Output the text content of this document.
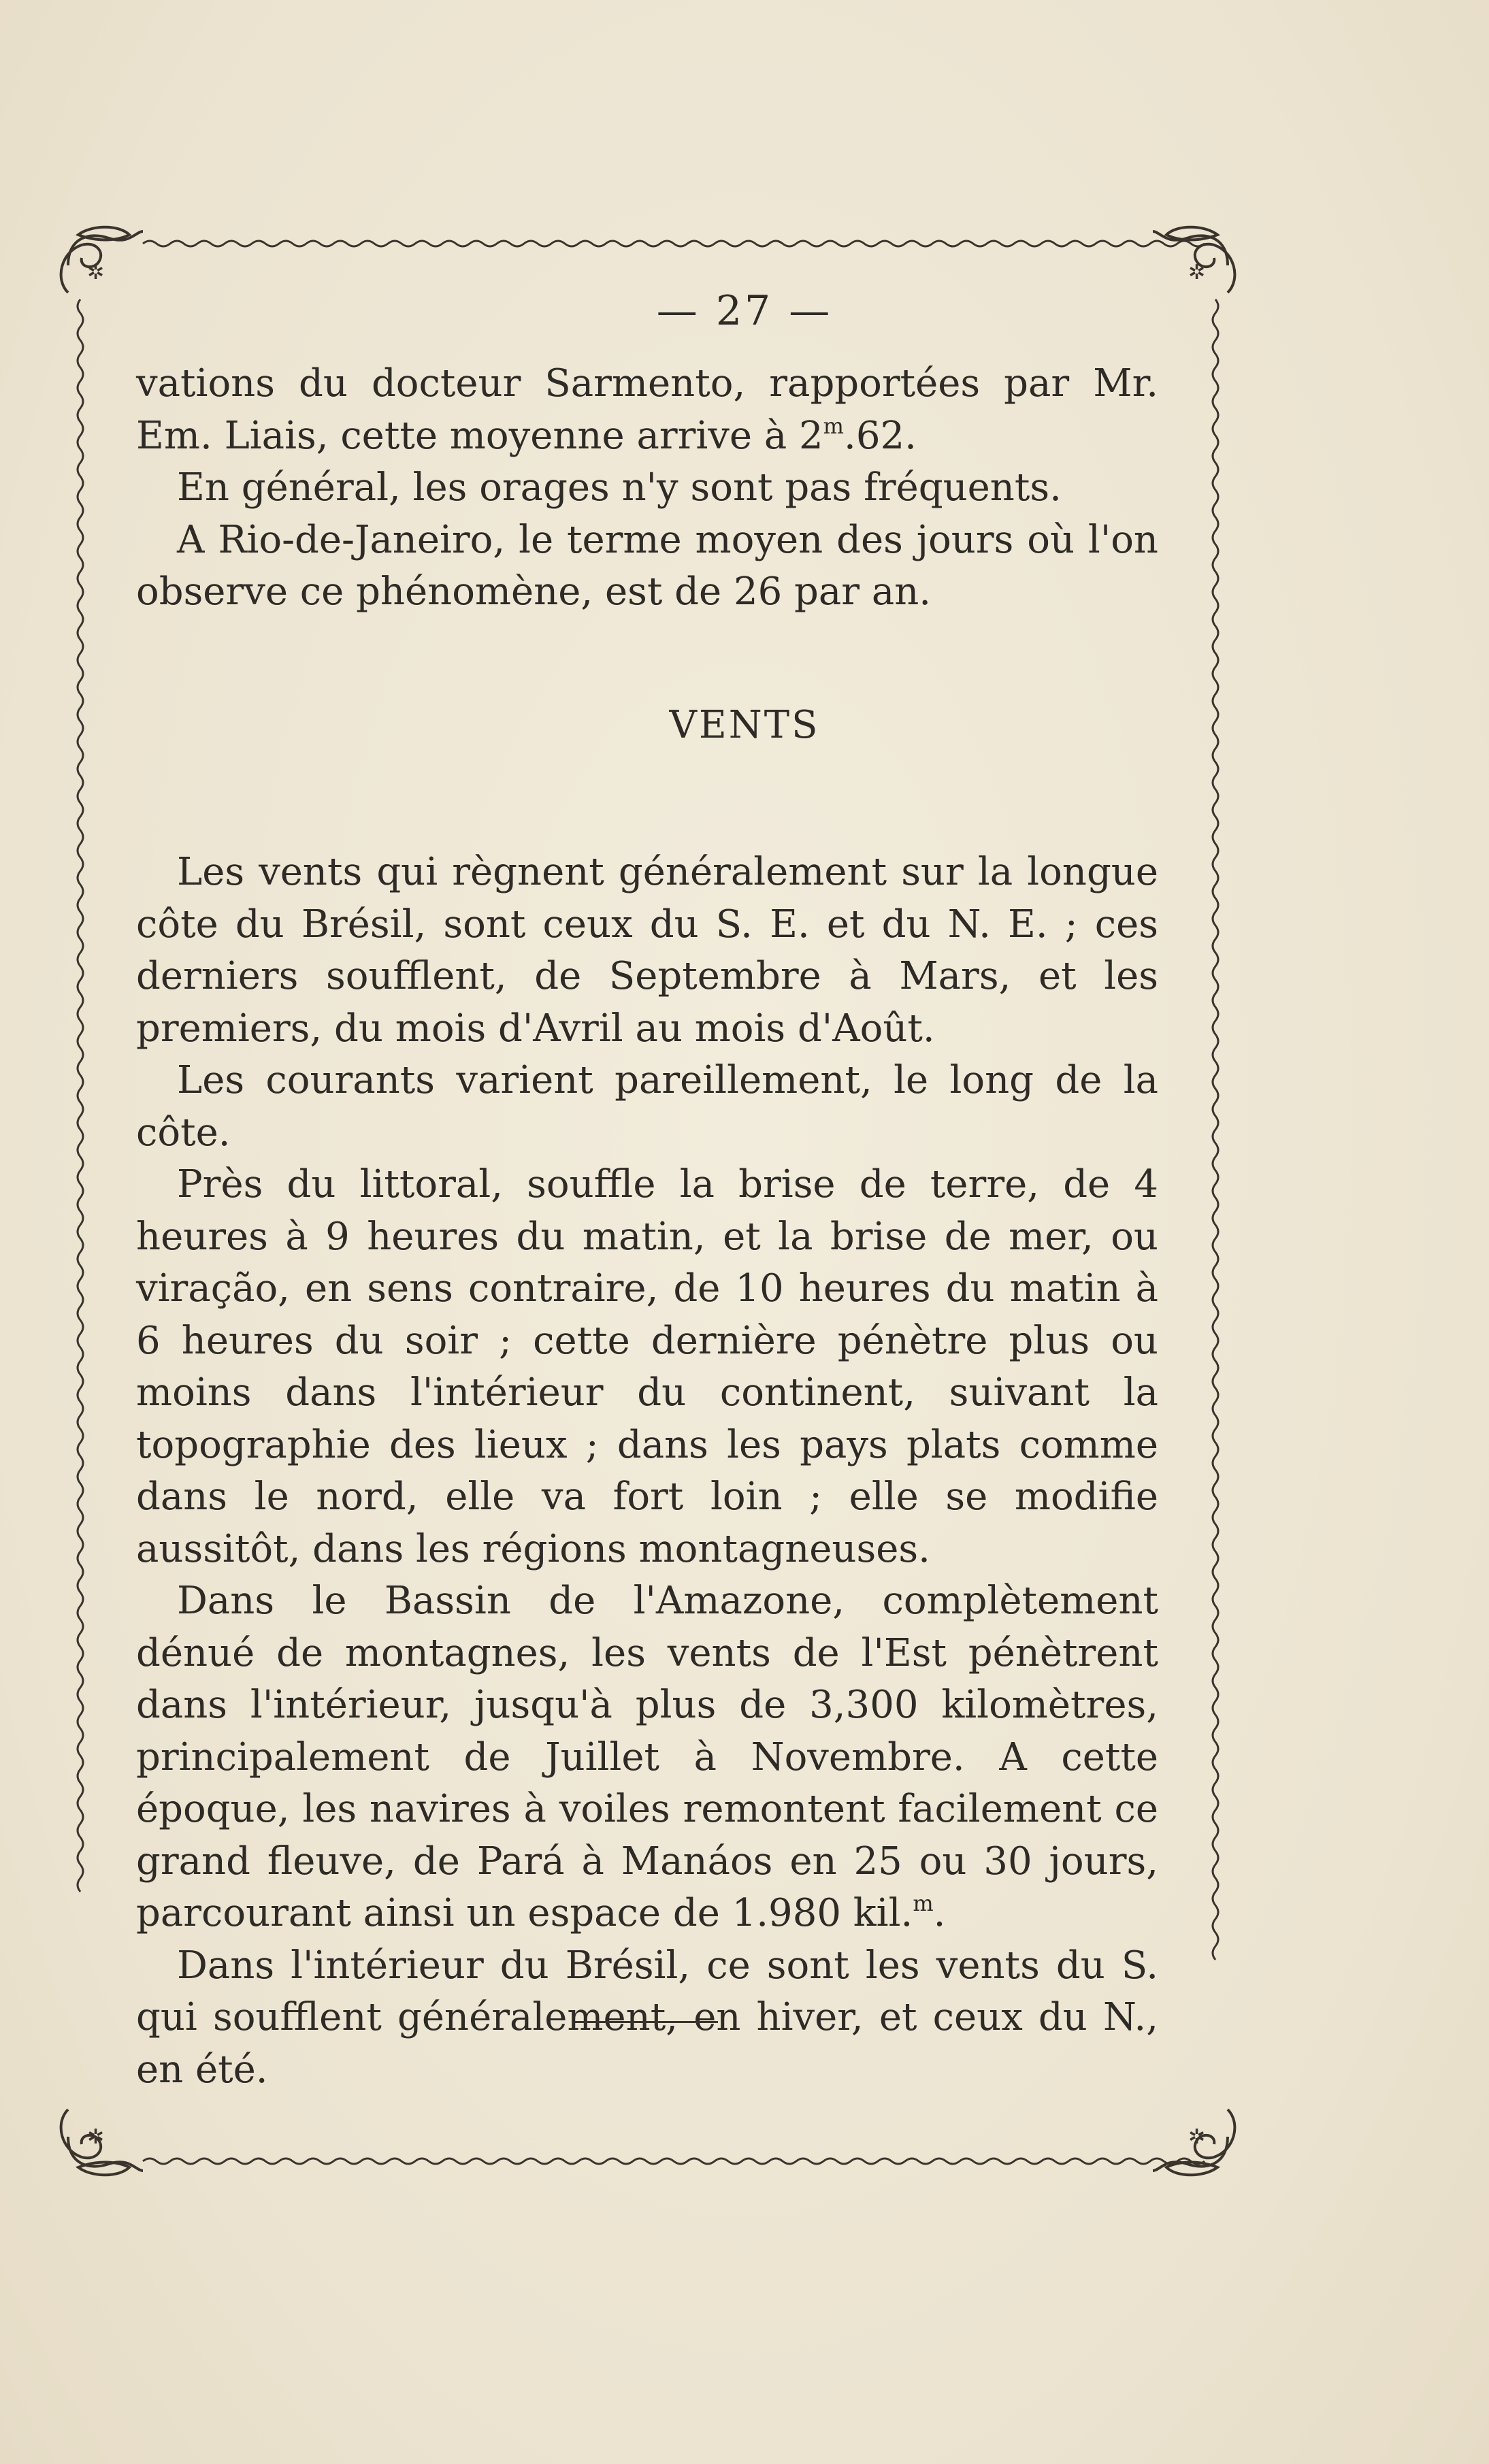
✲	✲
✲	✲
— 27 —

vations du docteur Sarmento, rapportées par Mr. Em. Liais, cette moyenne arrive à 2$^m$.62.

En général, les orages n'y sont pas fréquents.

A Rio-de-Janeiro, le terme moyen des jours où l'on observe ce phénomène, est de 26 par an.

VENTS

Les vents qui règnent généralement sur la longue côte du Brésil, sont ceux du S. E. et du N. E. ; ces derniers soufflent, de Septembre à Mars, et les premiers, du mois d'Avril au mois d'Août.

Les courants varient pareillement, le long de la côte.

Près du littoral, souffle la brise de terre, de 4 heures à 9 heures du matin, et la brise de mer, ou viração, en sens contraire, de 10 heures du matin à 6 heures du soir ; cette dernière pénètre plus ou moins dans l'intérieur du continent, suivant la topographie des lieux ; dans les pays plats comme dans le nord, elle va fort loin ; elle se modifie aussitôt, dans les régions montagneuses.

Dans le Bassin de l'Amazone, complètement dénué de montagnes, les vents de l'Est pénètrent dans l'intérieur, jusqu'à plus de 3,300 kilomètres, principalement de Juillet à Novembre. A cette époque, les navires à voiles remontent facilement ce grand fleuve, de Pará à Manáos en 25 ou 30 jours, parcourant ainsi un espace de 1.980 kil.$^m$.

Dans l'intérieur du Brésil, ce sont les vents du S. qui soufflent généralement, en hiver, et ceux du N., en été.
